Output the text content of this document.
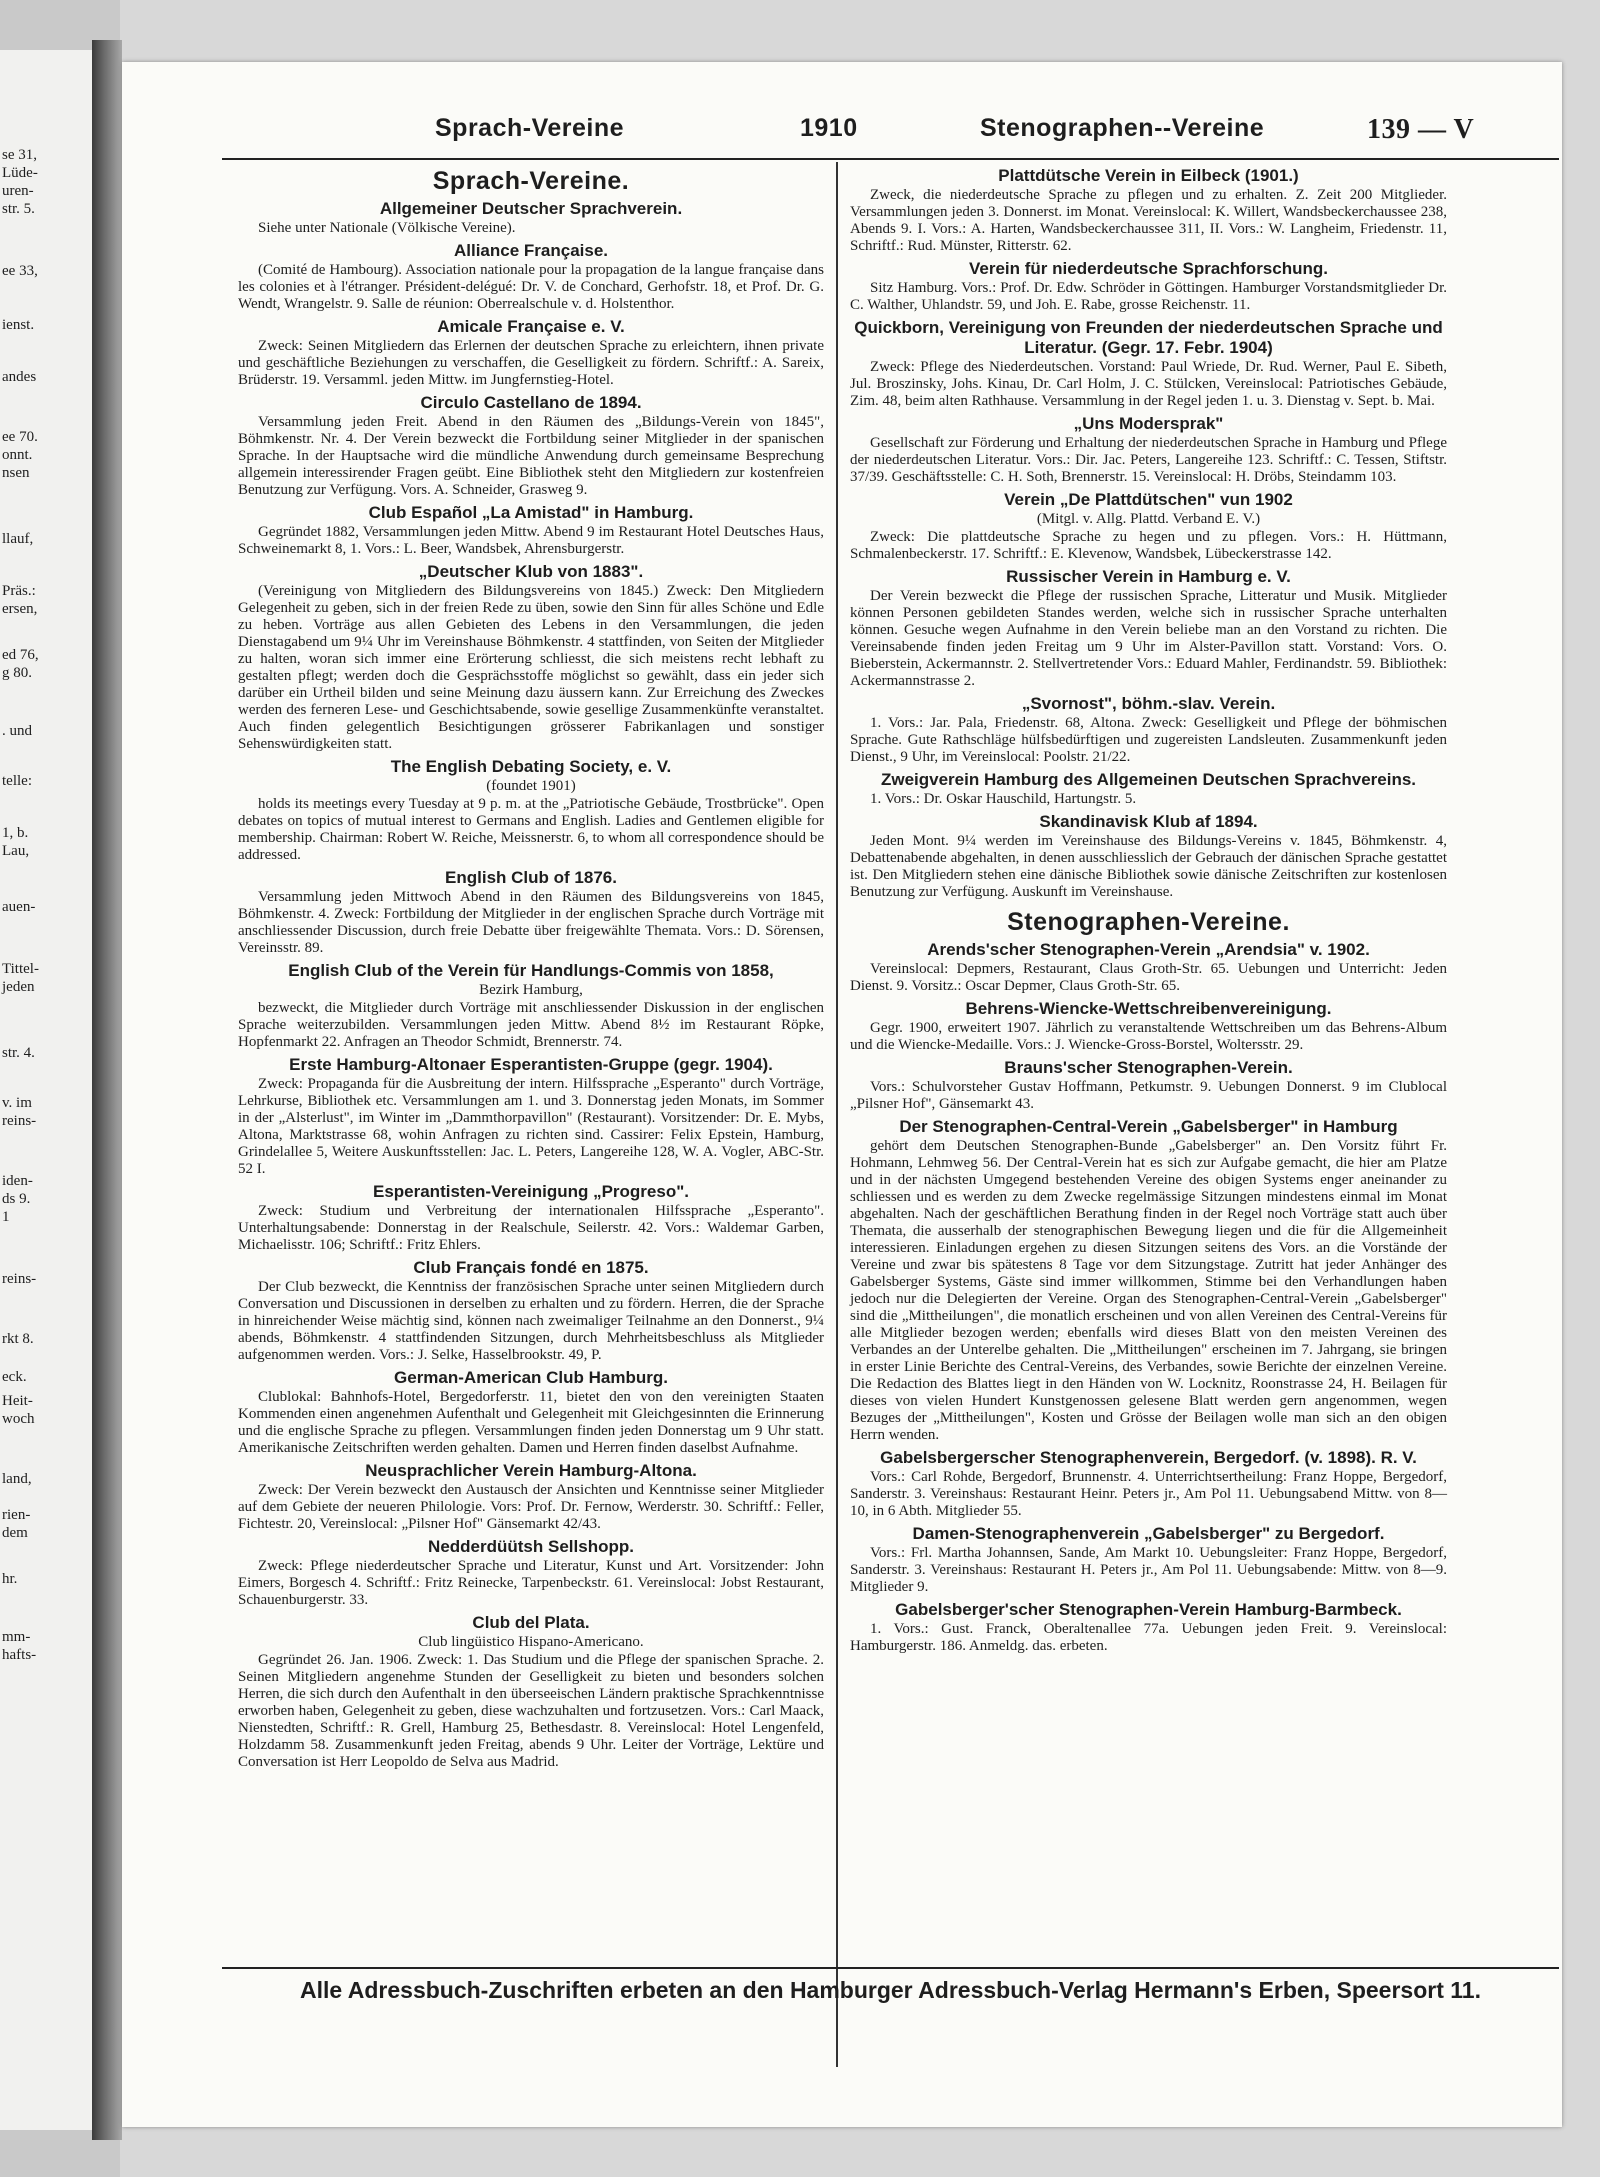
se 31,
Lüde-
uren-
str. 5.
ee 33,
ienst.
andes
ee 70.
onnt.
nsen
llauf,
Präs.:
ersen,
ed 76,
g 80.
. und
telle:
1, b.
Lau,
auen-
Tittel-
jeden
str. 4.
v. im
reins-
iden-
ds 9.
1
reins-
rkt 8.
eck.
Heit-
woch
land,
rien-
dem
hr.
mm-
hafts-
Sprach-Vereine	1910	Stenographen--Vereine	139 — V
Sprach-Vereine.
Allgemeiner Deutscher Sprachverein.

Siehe unter Nationale (Völkische Vereine).

Alliance Française.

(Comité de Hambourg). Association nationale pour la propagation de la langue française dans les colonies et à l'étranger. Président-delégué: Dr. V. de Conchard, Gerhofstr. 18, et Prof. Dr. G. Wendt, Wrangelstr. 9. Salle de réunion: Oberrealschule v. d. Holstenthor.

Amicale Française e. V.

Zweck: Seinen Mitgliedern das Erlernen der deutschen Sprache zu erleichtern, ihnen private und geschäftliche Beziehungen zu verschaffen, die Geselligkeit zu fördern. Schriftf.: A. Sareix, Brüderstr. 19. Versamml. jeden Mittw. im Jungfernstieg-Hotel.

Circulo Castellano de 1894.

Versammlung jeden Freit. Abend in den Räumen des „Bildungs-Verein von 1845", Böhmkenstr. Nr. 4. Der Verein bezweckt die Fortbildung seiner Mitglieder in der spanischen Sprache. In der Hauptsache wird die mündliche Anwendung durch gemeinsame Besprechung allgemein interessirender Fragen geübt. Eine Bibliothek steht den Mitgliedern zur kostenfreien Benutzung zur Verfügung. Vors. A. Schneider, Grasweg 9.

Club Español „La Amistad" in Hamburg.

Gegründet 1882, Versammlungen jeden Mittw. Abend 9 im Restaurant Hotel Deutsches Haus, Schweinemarkt 8, 1. Vors.: L. Beer, Wandsbek, Ahrensburgerstr.

„Deutscher Klub von 1883".

(Vereinigung von Mitgliedern des Bildungsvereins von 1845.) Zweck: Den Mitgliedern Gelegenheit zu geben, sich in der freien Rede zu üben, sowie den Sinn für alles Schöne und Edle zu heben. Vorträge aus allen Gebieten des Lebens in den Versammlungen, die jeden Dienstagabend um 9¼ Uhr im Vereinshause Böhmkenstr. 4 stattfinden, von Seiten der Mitglieder zu halten, woran sich immer eine Erörterung schliesst, die sich meistens recht lebhaft zu gestalten pflegt; werden doch die Gesprächsstoffe möglichst so gewählt, dass ein jeder sich darüber ein Urtheil bilden und seine Meinung dazu äussern kann. Zur Erreichung des Zweckes werden des ferneren Lese- und Geschichtsabende, sowie gesellige Zusammenkünfte veranstaltet. Auch finden gelegentlich Besichtigungen grösserer Fabrikanlagen und sonstiger Sehenswürdigkeiten statt.

The English Debating Society, e. V.
(foundet 1901)

holds its meetings every Tuesday at 9 p. m. at the „Patriotische Gebäude, Trostbrücke". Open debates on topics of mutual interest to Germans and English. Ladies and Gentlemen eligible for membership. Chairman: Robert W. Reiche, Meissnerstr. 6, to whom all correspondence should be addressed.

English Club of 1876.

Versammlung jeden Mittwoch Abend in den Räumen des Bildungsvereins von 1845, Böhmkenstr. 4. Zweck: Fortbildung der Mitglieder in der englischen Sprache durch Vorträge mit anschliessender Discussion, durch freie Debatte über freigewählte Themata. Vors.: D. Sörensen, Vereinsstr. 89.

English Club of the Verein für Handlungs-Commis von 1858,
Bezirk Hamburg,

bezweckt, die Mitglieder durch Vorträge mit anschliessender Diskussion in der englischen Sprache weiterzubilden. Versammlungen jeden Mittw. Abend 8½ im Restaurant Röpke, Hopfenmarkt 22. Anfragen an Theodor Schmidt, Brennerstr. 74.

Erste Hamburg-Altonaer Esperantisten-Gruppe (gegr. 1904).

Zweck: Propaganda für die Ausbreitung der intern. Hilfssprache „Esperanto" durch Vorträge, Lehrkurse, Bibliothek etc. Versammlungen am 1. und 3. Donnerstag jeden Monats, im Sommer in der „Alsterlust", im Winter im „Dammthorpavillon" (Restaurant). Vorsitzender: Dr. E. Mybs, Altona, Marktstrasse 68, wohin Anfragen zu richten sind. Cassirer: Felix Epstein, Hamburg, Grindelallee 5, Weitere Auskunftsstellen: Jac. L. Peters, Langereihe 128, W. A. Vogler, ABC-Str. 52 I.

Esperantisten-Vereinigung „Progreso".

Zweck: Studium und Verbreitung der internationalen Hilfssprache „Esperanto". Unterhaltungsabende: Donnerstag in der Realschule, Seilerstr. 42. Vors.: Waldemar Garben, Michaelisstr. 106; Schriftf.: Fritz Ehlers.

Club Français fondé en 1875.

Der Club bezweckt, die Kenntniss der französischen Sprache unter seinen Mitgliedern durch Conversation und Discussionen in derselben zu erhalten und zu fördern. Herren, die der Sprache in hinreichender Weise mächtig sind, können nach zweimaliger Teilnahme an den Donnerst., 9¼ abends, Böhmkenstr. 4 stattfindenden Sitzungen, durch Mehrheitsbeschluss als Mitglieder aufgenommen werden. Vors.: J. Selke, Hasselbrookstr. 49, P.

German-American Club Hamburg.

Clublokal: Bahnhofs-Hotel, Bergedorferstr. 11, bietet den von den vereinigten Staaten Kommenden einen angenehmen Aufenthalt und Gelegenheit mit Gleichgesinnten die Erinnerung und die englische Sprache zu pflegen. Versammlungen finden jeden Donnerstag um 9 Uhr statt. Amerikanische Zeitschriften werden gehalten. Damen und Herren finden daselbst Aufnahme.

Neusprachlicher Verein Hamburg-Altona.

Zweck: Der Verein bezweckt den Austausch der Ansichten und Kenntnisse seiner Mitglieder auf dem Gebiete der neueren Philologie. Vors: Prof. Dr. Fernow, Werderstr. 30. Schriftf.: Feller, Fichtestr. 20, Vereinslocal: „Pilsner Hof" Gänsemarkt 42/43.

Nedderdüütsh Sellshopp.

Zweck: Pflege niederdeutscher Sprache und Literatur, Kunst und Art. Vorsitzender: John Eimers, Borgesch 4. Schriftf.: Fritz Reinecke, Tarpenbeckstr. 61. Vereinslocal: Jobst Restaurant, Schauenburgerstr. 33.

Club del Plata.
Club lingüistico Hispano-Americano.

Gegründet 26. Jan. 1906. Zweck: 1. Das Studium und die Pflege der spanischen Sprache. 2. Seinen Mitgliedern angenehme Stunden der Geselligkeit zu bieten und besonders solchen Herren, die sich durch den Aufenthalt in den überseeischen Ländern praktische Sprachkenntnisse erworben haben, Gelegenheit zu geben, diese wachzuhalten und fortzusetzen. Vors.: Carl Maack, Nienstedten, Schriftf.: R. Grell, Hamburg 25, Bethesdastr. 8. Vereinslocal: Hotel Lengenfeld, Holzdamm 58. Zusammenkunft jeden Freitag, abends 9 Uhr. Leiter der Vorträge, Lektüre und Conversation ist Herr Leopoldo de Selva aus Madrid.

Plattdütsche Verein in Eilbeck (1901.)

Zweck, die niederdeutsche Sprache zu pflegen und zu erhalten. Z. Zeit 200 Mitglieder. Versammlungen jeden 3. Donnerst. im Monat. Vereinslocal: K. Willert, Wandsbeckerchaussee 238, Abends 9. I. Vors.: A. Harten, Wandsbeckerchaussee 311, II. Vors.: W. Langheim, Friedenstr. 11, Schriftf.: Rud. Münster, Ritterstr. 62.

Verein für niederdeutsche Sprachforschung.

Sitz Hamburg. Vors.: Prof. Dr. Edw. Schröder in Göttingen. Hamburger Vorstandsmitglieder Dr. C. Walther, Uhlandstr. 59, und Joh. E. Rabe, grosse Reichenstr. 11.

Quickborn, Vereinigung von Freunden der niederdeutschen Sprache und Literatur. (Gegr. 17. Febr. 1904)

Zweck: Pflege des Niederdeutschen. Vorstand: Paul Wriede, Dr. Rud. Werner, Paul E. Sibeth, Jul. Broszinsky, Johs. Kinau, Dr. Carl Holm, J. C. Stülcken, Vereinslocal: Patriotisches Gebäude, Zim. 48, beim alten Rathhause. Versammlung in der Regel jeden 1. u. 3. Dienstag v. Sept. b. Mai.

„Uns Modersprak"

Gesellschaft zur Förderung und Erhaltung der niederdeutschen Sprache in Hamburg und Pflege der niederdeutschen Literatur. Vors.: Dir. Jac. Peters, Langereihe 123. Schriftf.: C. Tessen, Stiftstr. 37/39. Geschäftsstelle: C. H. Soth, Brennerstr. 15. Vereinslocal: H. Dröbs, Steindamm 103.

Verein „De Plattdütschen" vun 1902
(Mitgl. v. Allg. Plattd. Verband E. V.)

Zweck: Die plattdeutsche Sprache zu hegen und zu pflegen. Vors.: H. Hüttmann, Schmalenbeckerstr. 17. Schriftf.: E. Klevenow, Wandsbek, Lübeckerstrasse 142.

Russischer Verein in Hamburg e. V.

Der Verein bezweckt die Pflege der russischen Sprache, Litteratur und Musik. Mitglieder können Personen gebildeten Standes werden, welche sich in russischer Sprache unterhalten können. Gesuche wegen Aufnahme in den Verein beliebe man an den Vorstand zu richten. Die Vereinsabende finden jeden Freitag um 9 Uhr im Alster-Pavillon statt. Vorstand: Vors. O. Bieberstein, Ackermannstr. 2. Stellvertretender Vors.: Eduard Mahler, Ferdinandstr. 59. Bibliothek: Ackermannstrasse 2.

„Svornost", böhm.-slav. Verein.

1. Vors.: Jar. Pala, Friedenstr. 68, Altona. Zweck: Geselligkeit und Pflege der böhmischen Sprache. Gute Rathschläge hülfsbedürftigen und zugereisten Landsleuten. Zusammenkunft jeden Dienst., 9 Uhr, im Vereinslocal: Poolstr. 21/22.

Zweigverein Hamburg des Allgemeinen Deutschen Sprachvereins.

1. Vors.: Dr. Oskar Hauschild, Hartungstr. 5.

Skandinavisk Klub af 1894.

Jeden Mont. 9¼ werden im Vereinshause des Bildungs-Vereins v. 1845, Böhmkenstr. 4, Debattenabende abgehalten, in denen ausschliesslich der Gebrauch der dänischen Sprache gestattet ist. Den Mitgliedern stehen eine dänische Bibliothek sowie dänische Zeitschriften zur kostenlosen Benutzung zur Verfügung. Auskunft im Vereinshause.

Stenographen-Vereine.
Arends'scher Stenographen-Verein „Arendsia" v. 1902.

Vereinslocal: Depmers, Restaurant, Claus Groth-Str. 65. Uebungen und Unterricht: Jeden Dienst. 9. Vorsitz.: Oscar Depmer, Claus Groth-Str. 65.

Behrens-Wiencke-Wettschreibenvereinigung.

Gegr. 1900, erweitert 1907. Jährlich zu veranstaltende Wettschreiben um das Behrens-Album und die Wiencke-Medaille. Vors.: J. Wiencke-Gross-Borstel, Woltersstr. 29.

Brauns'scher Stenographen-Verein.

Vors.: Schulvorsteher Gustav Hoffmann, Petkumstr. 9. Uebungen Donnerst. 9 im Clublocal „Pilsner Hof", Gänsemarkt 43.

Der Stenographen-Central-Verein „Gabelsberger" in Hamburg

gehört dem Deutschen Stenographen-Bunde „Gabelsberger" an. Den Vorsitz führt Fr. Hohmann, Lehmweg 56. Der Central-Verein hat es sich zur Aufgabe gemacht, die hier am Platze und in der nächsten Umgegend bestehenden Vereine des obigen Systems enger aneinander zu schliessen und es werden zu dem Zwecke regelmässige Sitzungen mindestens einmal im Monat abgehalten. Nach der geschäftlichen Berathung finden in der Regel noch Vorträge statt auch über Themata, die ausserhalb der stenographischen Bewegung liegen und die für die Allgemeinheit interessieren. Einladungen ergehen zu diesen Sitzungen seitens des Vors. an die Vorstände der Vereine und zwar bis spätestens 8 Tage vor dem Sitzungstage. Zutritt hat jeder Anhänger des Gabelsberger Systems, Gäste sind immer willkommen, Stimme bei den Verhandlungen haben jedoch nur die Delegierten der Vereine. Organ des Stenographen-Central-Verein „Gabelsberger" sind die „Mittheilungen", die monatlich erscheinen und von allen Vereinen des Central-Vereins für alle Mitglieder bezogen werden; ebenfalls wird dieses Blatt von den meisten Vereinen des Verbandes an der Unterelbe gehalten. Die „Mittheilungen" erscheinen im 7. Jahrgang, sie bringen in erster Linie Berichte des Central-Vereins, des Verbandes, sowie Berichte der einzelnen Vereine. Die Redaction des Blattes liegt in den Händen von W. Locknitz, Roonstrasse 24, H. Beilagen für dieses von vielen Hundert Kunstgenossen gelesene Blatt werden gern angenommen, wegen Bezuges der „Mittheilungen", Kosten und Grösse der Beilagen wolle man sich an den obigen Herrn wenden.

Gabelsbergerscher Stenographenverein, Bergedorf. (v. 1898). R. V.

Vors.: Carl Rohde, Bergedorf, Brunnenstr. 4. Unterrichtsertheilung: Franz Hoppe, Bergedorf, Sanderstr. 3. Vereinshaus: Restaurant Heinr. Peters jr., Am Pol 11. Uebungsabend Mittw. von 8—10, in 6 Abth. Mitglieder 55.

Damen-Stenographenverein „Gabelsberger" zu Bergedorf.

Vors.: Frl. Martha Johannsen, Sande, Am Markt 10. Uebungsleiter: Franz Hoppe, Bergedorf, Sanderstr. 3. Vereinshaus: Restaurant H. Peters jr., Am Pol 11. Uebungsabende: Mittw. von 8—9. Mitglieder 9.

Gabelsberger'scher Stenographen-Verein Hamburg-Barmbeck.

1. Vors.: Gust. Franck, Oberaltenallee 77a. Uebungen jeden Freit. 9. Vereinslocal: Hamburgerstr. 186. Anmeldg. das. erbeten.

Alle Adressbuch-Zuschriften erbeten an den Hamburger Adressbuch-Verlag Hermann's Erben, Speersort 11.
